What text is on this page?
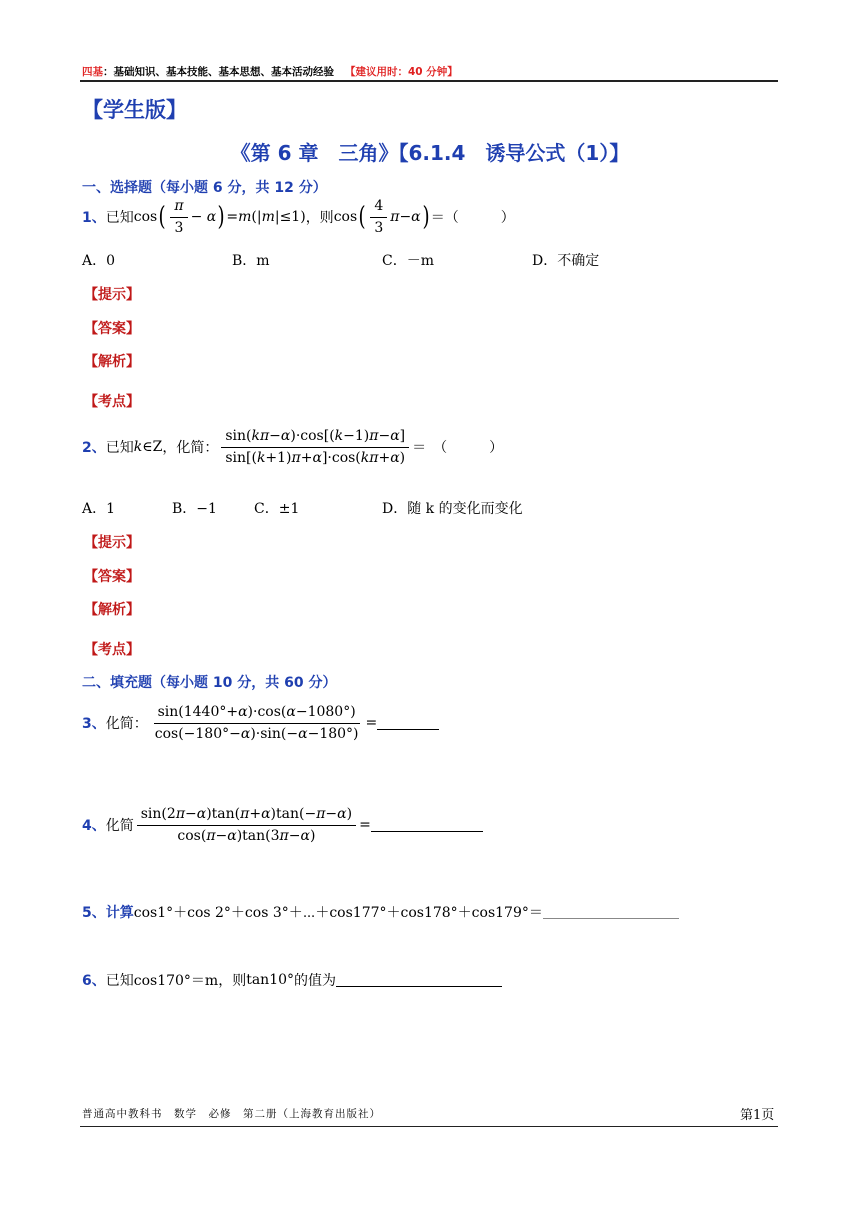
四基：基础知识、基本技能、基本思想、基本活动经验 【建议用时：40 分钟】
【学生版】
《第 6 章　三角》【6.1.4　诱导公式（1）】
一、选择题（每小题 6 分，共 12 分）
1、 已知 cos ( $\frac{\pi}{3} - \alpha$ ) = m (| m |≤1) ，则 cos ( $\frac{4}{3}$ π − α ) ＝（　　　）
A．0	B．m	C．－m	D．不确定
【提示】
【答案】
【解析】
【考点】
2、 已知 k ∈Z ，化简： $\frac{\sin(k\pi-\alpha)\cdot\cos[(k-1)\pi-\alpha]}{\sin[(k+1)\pi+\alpha]\cdot\cos(k\pi+\alpha)}$ ＝　（　　　）
A．1	B．−1	C．±1	D．随 k 的变化而变化
【提示】
【答案】
【解析】
【考点】
二、填充题（每小题 10 分，共 60 分）
3、 化简： $\frac{\sin(1440^\circ+\alpha)\cdot\cos(\alpha-1080^\circ)}{\cos(-180^\circ-\alpha)\cdot\sin(-\alpha-180^\circ)}$ =
4、 化简 $\frac{\sin(2\pi-\alpha)\tan(\pi+\alpha)\tan(-\pi-\alpha)}{\cos(\pi-\alpha)\tan(3\pi-\alpha)}$ =
5、 计算 cos1°＋cos 2°＋cos 3°＋⋯＋cos177°＋cos178°＋cos179°＝
6、 已知 cos170°＝m ，则 tan10° 的值为
普通高中教科书　数学　必修　第二册（上海教育出版社）	第1页
